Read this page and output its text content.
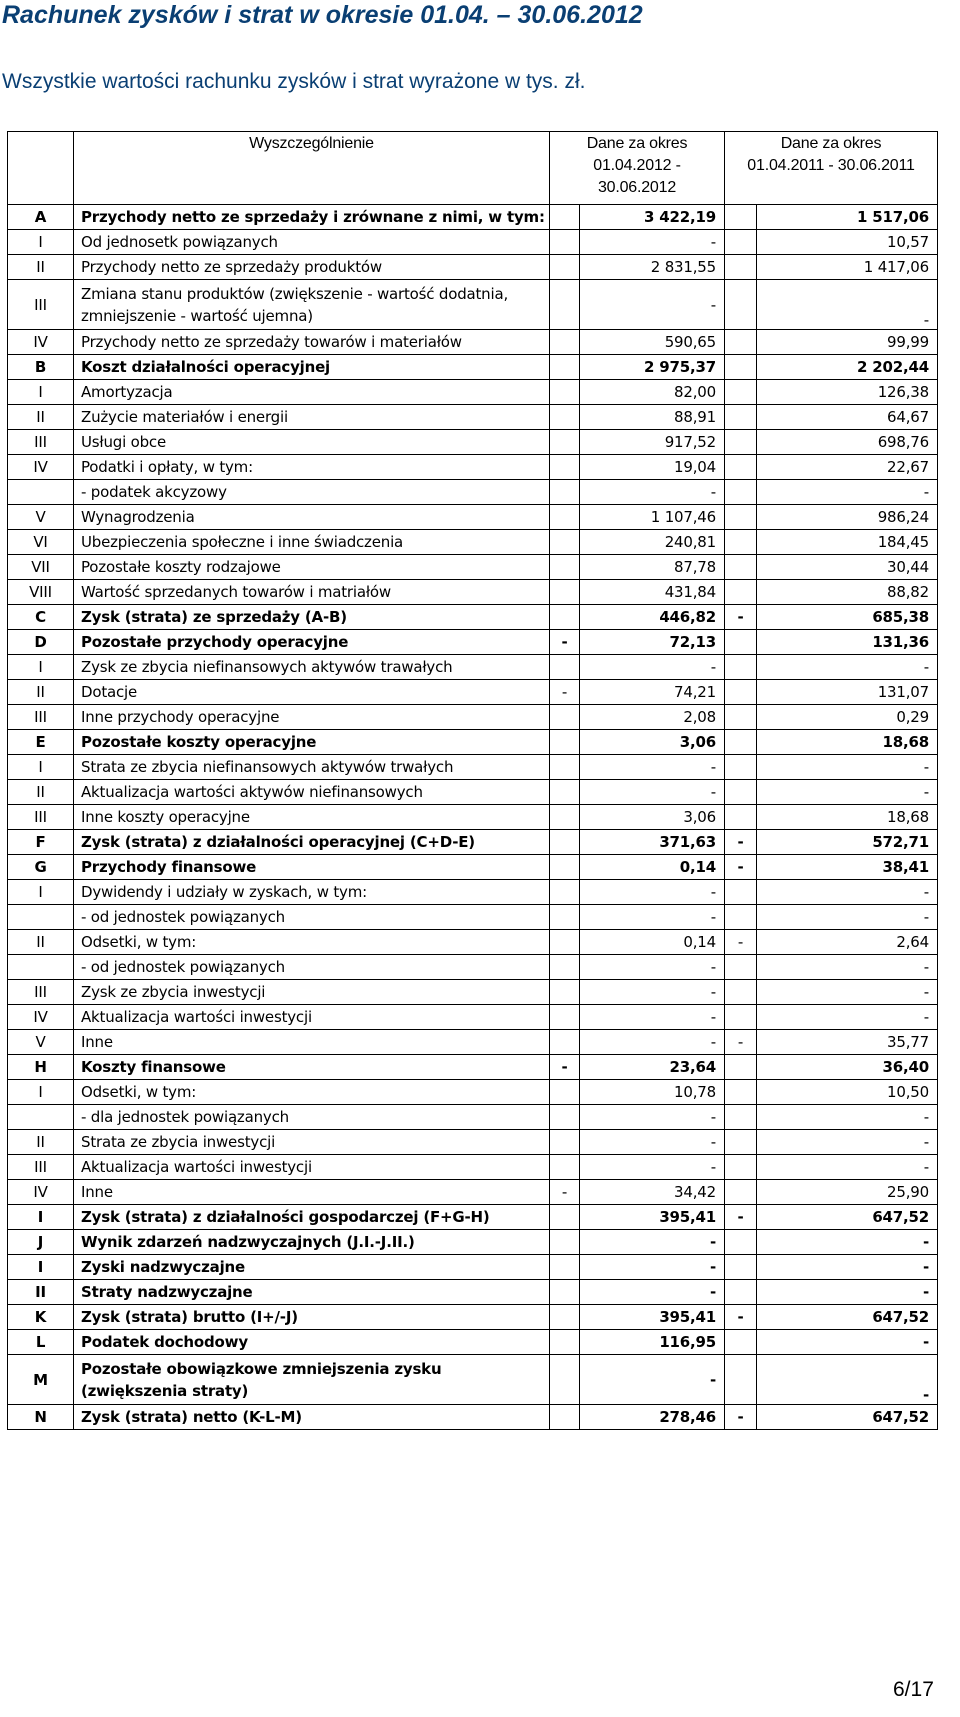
Rachunek zysków i strat w okresie 01.04. – 30.06.2012
Wszystkie wartości rachunku zysków i strat wyrażone w tys. zł.
	Wyszczególnienie	Dane za okres 01.04.2012 - 30.06.2012		Dane za okres 01.04.2011 - 30.06.2011	
A	Przychody netto ze sprzedaży i zrównane z nimi, w tym:		3 422,19		1 517,06
I	Od jednosetk powiązanych		-		10,57
II	Przychody netto ze sprzedaży produktów		2 831,55		1 417,06
III	Zmiana stanu produktów (zwiększenie - wartość dodatnia, zmniejszenie - wartość ujemna)		-		-
IV	Przychody netto ze sprzedaży towarów i materiałów		590,65		99,99
B	Koszt działalności operacyjnej		2 975,37		2 202,44
I	Amortyzacja		82,00		126,38
II	Zużycie materiałów i energii		88,91		64,67
III	Usługi obce		917,52		698,76
IV	Podatki i opłaty, w tym:		19,04		22,67
	- podatek akcyzowy		-		-
V	Wynagrodzenia		1 107,46		986,24
VI	Ubezpieczenia społeczne i inne świadczenia		240,81		184,45
VII	Pozostałe koszty rodzajowe		87,78		30,44
VIII	Wartość sprzedanych towarów i matriałów		431,84		88,82
C	Zysk (strata) ze sprzedaży (A-B)		446,82	-	685,38
D	Pozostałe przychody operacyjne	-	72,13		131,36
I	Zysk ze zbycia niefinansowych aktywów trawałych		-		-
II	Dotacje	-	74,21		131,07
III	Inne przychody operacyjne		2,08		0,29
E	Pozostałe koszty operacyjne		3,06		18,68
I	Strata ze zbycia niefinansowych aktywów trwałych		-		-
II	Aktualizacja wartości aktywów niefinansowych		-		-
III	Inne koszty operacyjne		3,06		18,68
F	Zysk (strata) z działalności operacyjnej (C+D-E)		371,63	-	572,71
G	Przychody finansowe		0,14	-	38,41
I	Dywidendy i udziały w zyskach, w tym:		-		-
	- od jednostek powiązanych		-		-
II	Odsetki, w tym:		0,14	-	2,64
	- od jednostek powiązanych		-		-
III	Zysk ze zbycia inwestycji		-		-
IV	Aktualizacja wartości inwestycji		-		-
V	Inne		-	-	35,77
H	Koszty finansowe	-	23,64		36,40
I	Odsetki, w tym:		10,78		10,50
	- dla jednostek powiązanych		-		-
II	Strata ze zbycia inwestycji		-		-
III	Aktualizacja wartości inwestycji		-		-
IV	Inne	-	34,42		25,90
I	Zysk (strata) z działalności gospodarczej (F+G-H)		395,41	-	647,52
J	Wynik zdarzeń nadzwyczajnych (J.I.-J.II.)		-		-
I	Zyski nadzwyczajne		-		-
II	Straty nadzwyczajne		-		-
K	Zysk (strata) brutto (I+/-J)		395,41	-	647,52
L	Podatek dochodowy		116,95		-
M	Pozostałe obowiązkowe zmniejszenia zysku (zwiększenia straty)		-		-
N	Zysk (strata) netto (K-L-M)		278,46	-	647,52
6/17
